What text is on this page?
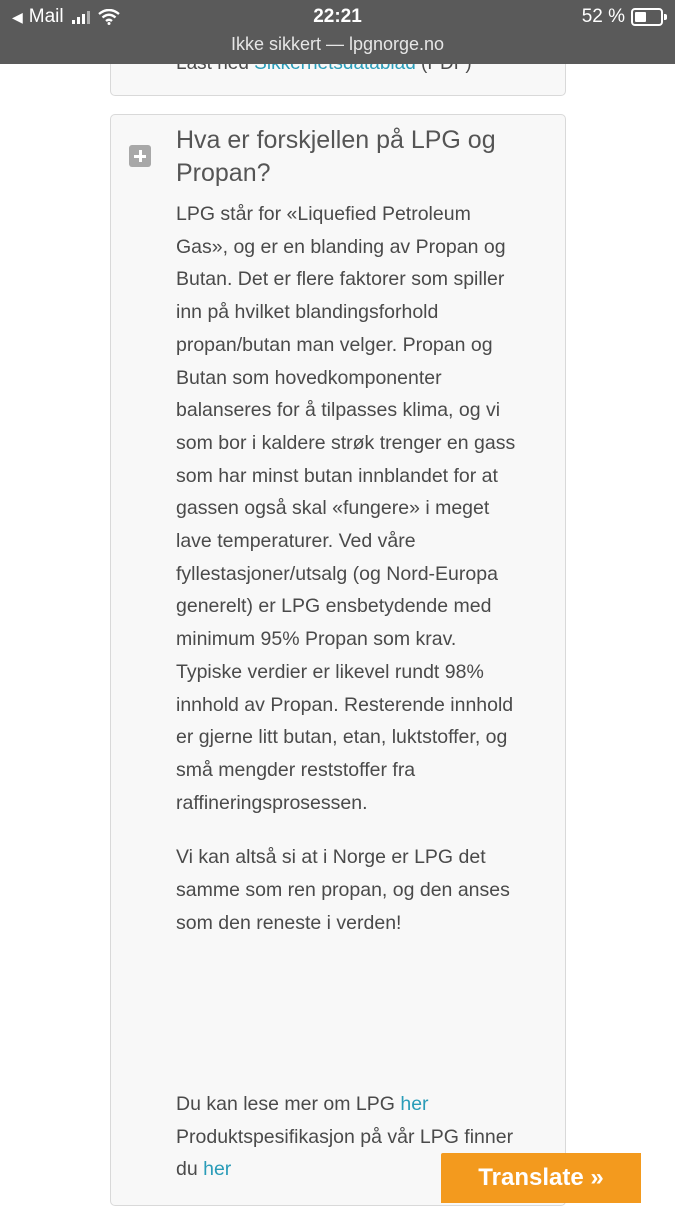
◀ Mail	22:21	52 %
Ikke sikkert — lpgnorge.no
Hva er forskjellen på LPG og Propan?

LPG står for «Liquefied Petroleum Gas», og er en blanding av Propan og Butan. Det er flere faktorer som spiller inn på hvilket blandingsforhold propan/butan man velger. Propan og Butan som hovedkomponenter balanseres for å tilpasses klima, og vi som bor i kaldere strøk trenger en gass som har minst butan innblandet for at gassen også skal «fungere» i meget lave temperaturer. Ved våre fyllestasjoner/utsalg (og Nord-Europa generelt) er LPG ensbetydende med minimum 95% Propan som krav. Typiske verdier er likevel rundt 98% innhold av Propan. Resterende innhold er gjerne litt butan, etan, luktstoffer, og små mengder reststoffer fra raffineringsprosessen.

Vi kan altså si at i Norge er LPG det samme som ren propan, og den anses som den reneste i verden!

Du kan lese mer om LPG her
Produktspesifikasjon på vår LPG finner du her	Translate »
